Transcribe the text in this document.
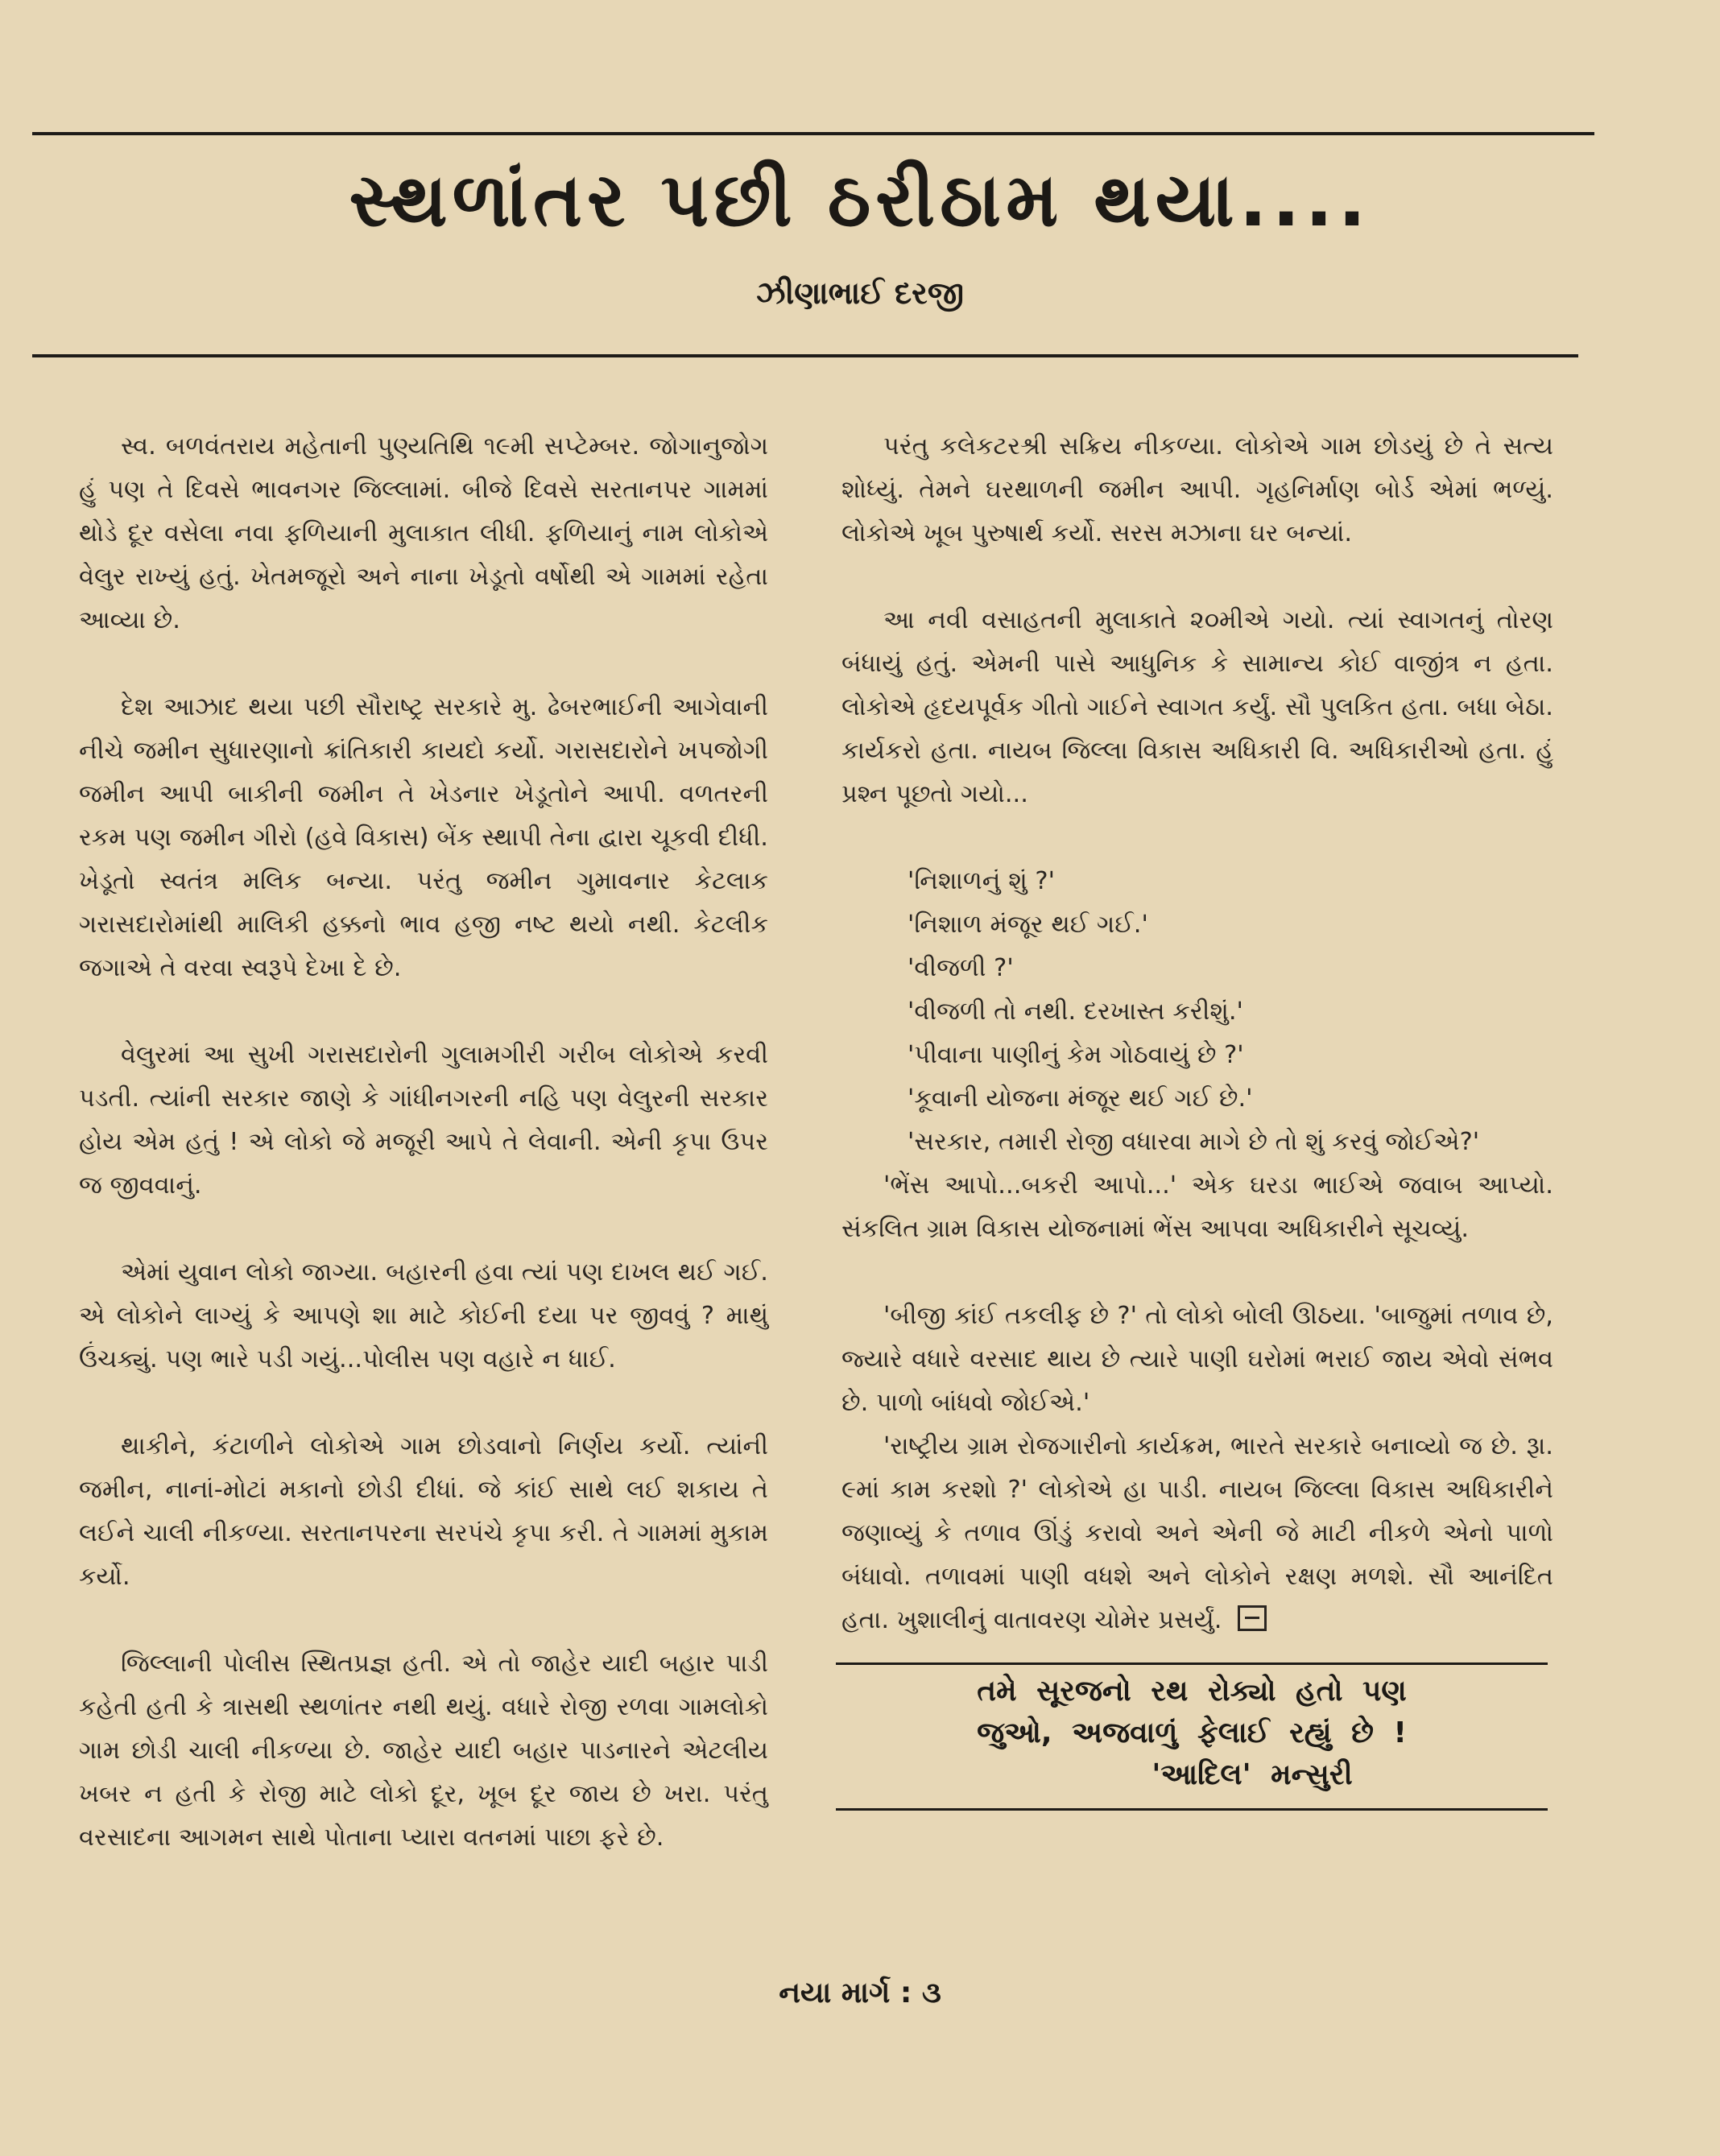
સ્થળાંતર પછી ઠરીઠામ થયા....
ઝીણાભાઈ દરજી

સ્વ. બળવંતરાય મહેતાની પુણ્યતિથિ ૧૯મી સપ્ટેમ્બર. જોગાનુજોગ હું પણ તે દિવસે ભાવનગર જિલ્લામાં. બીજે દિવસે સરતાનપર ગામમાં થોડે દૂર વસેલા નવા ફળિયાની મુલાકાત લીધી. ફળિયાનું નામ લોકોએ વેલુર રાખ્યું હતું. ખેતમજૂરો અને નાના ખેડૂતો વર્ષોથી એ ગામમાં રહેતા આવ્યા છે.

દેશ આઝાદ થયા પછી સૌરાષ્ટ્ર સરકારે મુ. ઢેબરભાઈની આગેવાની નીચે જમીન સુધારણાનો ક્રાંતિકારી કાયદો કર્યો. ગરાસદારોને ખપજોગી જમીન આપી બાકીની જમીન તે ખેડનાર ખેડૂતોને આપી. વળતરની રકમ પણ જમીન ગીરો (હવે વિકાસ) બેંક સ્થાપી તેના દ્વારા ચૂકવી દીધી. ખેડૂતો સ્વતંત્ર મલિક બન્યા. પરંતુ જમીન ગુમાવનાર કેટલાક ગરાસદારોમાંથી માલિકી હક્કનો ભાવ હજી નષ્ટ થયો નથી. કેટલીક જગાએ તે વરવા સ્વરૂપે દેખા દે છે.

વેલુરમાં આ સુખી ગરાસદારોની ગુલામગીરી ગરીબ લોકોએ કરવી પડતી. ત્યાંની સરકાર જાણે કે ગાંધીનગરની નહિ પણ વેલુરની સરકાર હોય એમ હતું ! એ લોકો જે મજૂરી આપે તે લેવાની. એની કૃપા ઉપર જ જીવવાનું.

એમાં યુવાન લોકો જાગ્યા. બહારની હવા ત્યાં પણ દાખલ થઈ ગઈ. એ લોકોને લાગ્યું કે આપણે શા માટે કોઈની દયા પર જીવવું ? માથું ઉંચક્યું. પણ ભારે પડી ગયું...પોલીસ પણ વહારે ન ધાઈ.

થાકીને, કંટાળીને લોકોએ ગામ છોડવાનો નિર્ણય કર્યો. ત્યાંની જમીન, નાનાં-મોટાં મકાનો છોડી દીધાં. જે કાંઈ સાથે લઈ શકાય તે લઈને ચાલી નીકળ્યા. સરતાનપરના સરપંચે કૃપા કરી. તે ગામમાં મુકામ કર્યો.

જિલ્લાની પોલીસ સ્થિતપ્રજ્ઞ હતી. એ તો જાહેર યાદી બહાર પાડી કહેતી હતી કે ત્રાસથી સ્થળાંતર નથી થયું. વધારે રોજી રળવા ગામલોકો ગામ છોડી ચાલી નીકળ્યા છે. જાહેર યાદી બહાર પાડનારને એટલીય ખબર ન હતી કે રોજી માટે લોકો દૂર, ખૂબ દૂર જાય છે ખરા. પરંતુ વરસાદના આગમન સાથે પોતાના પ્યારા વતનમાં પાછા ફરે છે.

પરંતુ કલેકટરશ્રી સક્રિય નીકળ્યા. લોકોએ ગામ છોડયું છે તે સત્ય શોધ્યું. તેમને ઘરથાળની જમીન આપી. ગૃહનિર્માણ બોર્ડ એમાં ભળ્યું. લોકોએ ખૂબ પુરુષાર્થ કર્યો. સરસ મઝાના ઘર બન્યાં.

આ નવી વસાહતની મુલાકાતે ૨૦મીએ ગયો. ત્યાં સ્વાગતનું તોરણ બંધાયું હતું. એમની પાસે આધુનિક કે સામાન્ય કોઈ વાજીંત્ર ન હતા. લોકોએ હૃદયપૂર્વક ગીતો ગાઈને સ્વાગત કર્યું. સૌ પુલકિત હતા. બધા બેઠા. કાર્યકરો હતા. નાયબ જિલ્લા વિકાસ અધિકારી વિ. અધિકારીઓ હતા. હું પ્રશ્ન પૂછતો ગયો...

'નિશાળનું શું ?'
'નિશાળ મંજૂર થઈ ગઈ.'
'વીજળી ?'
'વીજળી તો નથી. દરખાસ્ત કરીશું.'
'પીવાના પાણીનું કેમ ગોઠવાયું છે ?'
'કૂવાની યોજના મંજૂર થઈ ગઈ છે.'
'સરકાર, તમારી રોજી વધારવા માગે છે તો શું કરવું જોઈએ?'

'ભેંસ આપો...બકરી આપો...' એક ઘરડા ભાઈએ જવાબ આપ્યો. સંકલિત ગ્રામ વિકાસ યોજનામાં ભેંસ આપવા અધિકારીને સૂચવ્યું.

'બીજી કાંઈ તકલીફ છે ?' તો લોકો બોલી ઊઠયા. 'બાજુમાં તળાવ છે, જ્યારે વધારે વરસાદ થાય છે ત્યારે પાણી ઘરોમાં ભરાઈ જાય એવો સંભવ છે. પાળો બાંધવો જોઈએ.'

'રાષ્ટ્રીય ગ્રામ રોજગારીનો કાર્યક્રમ, ભારતે સરકારે બનાવ્યો જ છે. રૂા. ૯માં કામ કરશો ?' લોકોએ હા પાડી. નાયબ જિલ્લા વિકાસ અધિકારીને જણાવ્યું કે તળાવ ઊંડું કરાવો અને એની જે માટી નીકળે એનો પાળો બંધાવો. તળાવમાં પાણી વધશે અને લોકોને રક્ષણ મળશે. સૌ આનંદિત હતા. ખુશાલીનું વાતાવરણ ચોમેર પ્રસર્યું.

તમે સૂરજનો રથ રોક્યો હતો પણ
જુઓ, અજવાળું ફેલાઈ રહ્યું છે !
'આદિલ' મન્સુરી
નયા માર્ગ : ૩
